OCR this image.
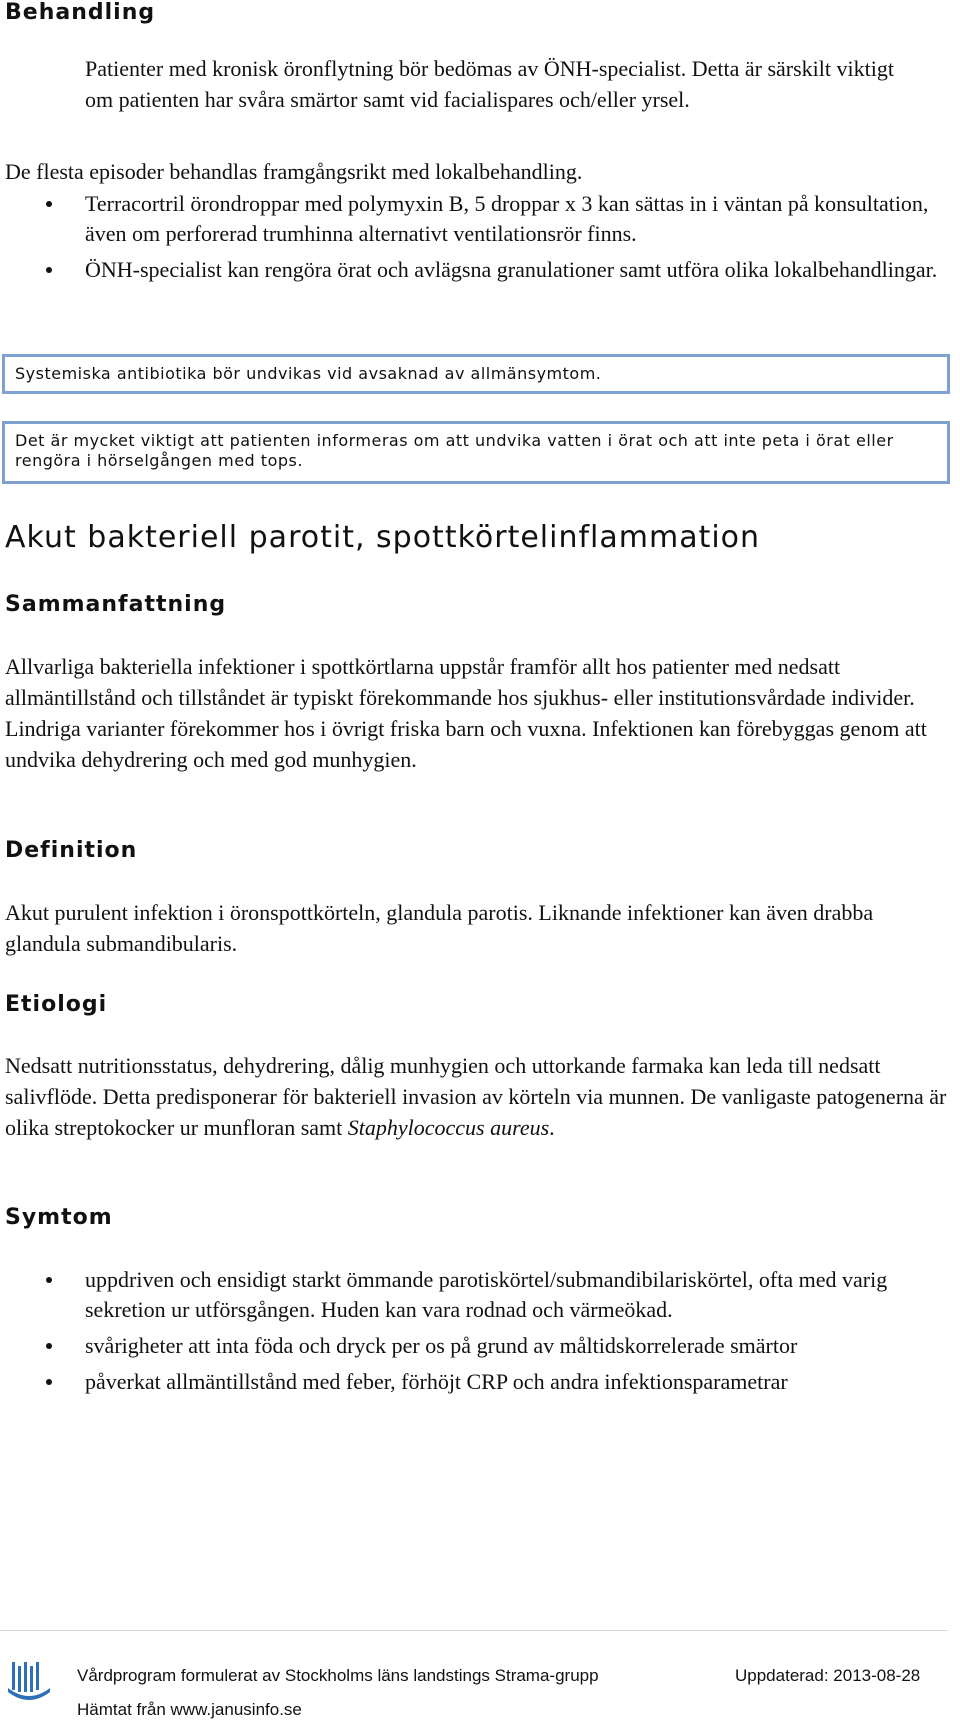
Behandling

Patienter med kronisk öronflytning bör bedömas av ÖNH-specialist. Detta är särskilt viktigt om patienten har svåra smärtor samt vid facialispares och/eller yrsel.

De flesta episoder behandlas framgångsrikt med lokalbehandling.

Terracortril örondroppar med polymyxin B, 5 droppar x 3 kan sättas in i väntan på konsultation, även om perforerad trumhinna alternativt ventilationsrör finns.
ÖNH-specialist kan rengöra örat och avlägsna granulationer samt utföra olika lokalbehandlingar.
Systemiska antibiotika bör undvikas vid avsaknad av allmänsymtom.
Det är mycket viktigt att patienten informeras om att undvika vatten i örat och att inte peta i örat eller rengöra i hörselgången med tops.
Akut bakteriell parotit, spottkörtelinflammation
Sammanfattning

Allvarliga bakteriella infektioner i spottkörtlarna uppstår framför allt hos patienter med nedsatt allmäntillstånd och tillståndet är typiskt förekommande hos sjukhus- eller institutionsvårdade individer. Lindriga varianter förekommer hos i övrigt friska barn och vuxna. Infektionen kan förebyggas genom att undvika dehydrering och med god munhygien.

Definition

Akut purulent infektion i öronspottkörteln, glandula parotis. Liknande infektioner kan även drabba glandula submandibularis.

Etiologi

Nedsatt nutritionsstatus, dehydrering, dålig munhygien och uttorkande farmaka kan leda till nedsatt salivflöde. Detta predisponerar för bakteriell invasion av körteln via munnen. De vanligaste patogenerna är olika streptokocker ur munfloran samt Staphylococcus aureus.

Symtom
uppdriven och ensidigt starkt ömmande parotiskörtel/submandibilariskörtel, ofta med varig sekretion ur utförsgången. Huden kan vara rodnad och värmeökad.
svårigheter att inta föda och dryck per os på grund av måltidskorrelerade smärtor
påverkat allmäntillstånd med feber, förhöjt CRP och andra infektionsparametrar
Vårdprogram formulerat av Stockholms läns landstings Strama-grupp	Uppdaterad: 2013-08-28
Hämtat från www.janusinfo.se
